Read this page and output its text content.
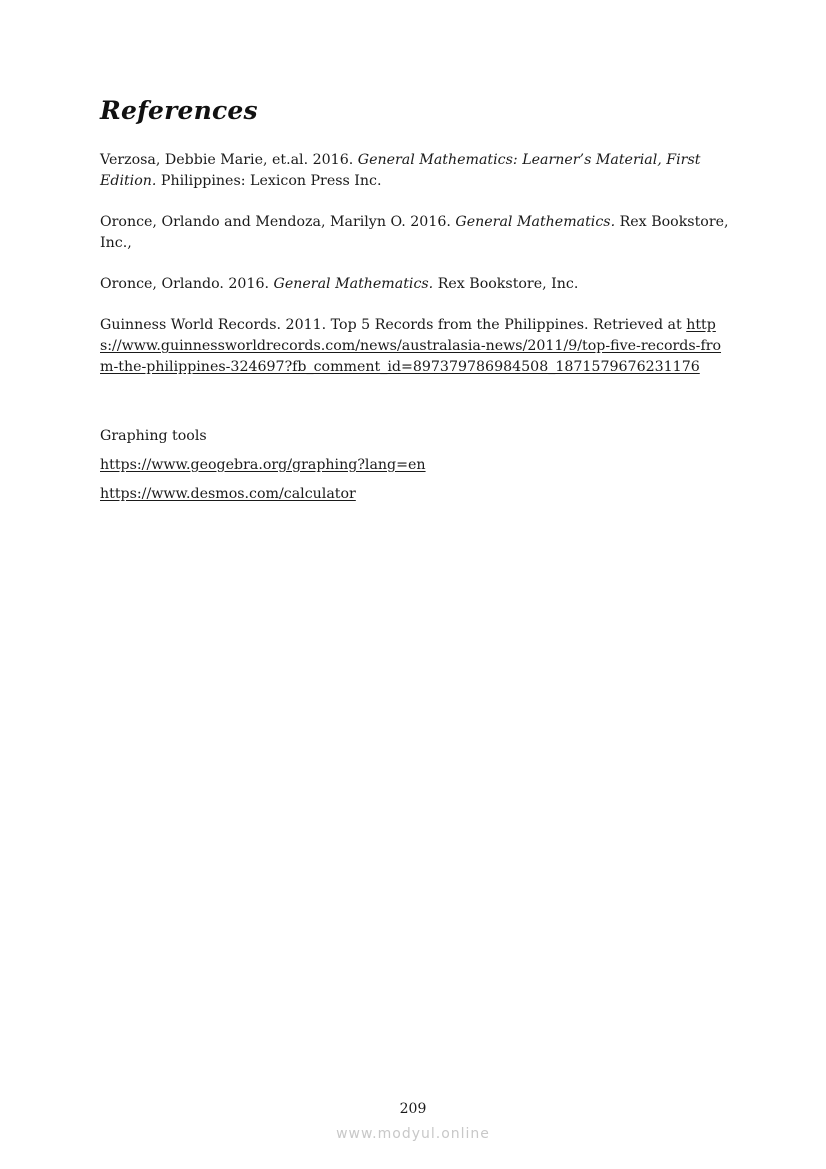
References

Verzosa, Debbie Marie, et.al. 2016. General Mathematics: Learner’s Material, First Edition. Philippines: Lexicon Press Inc.

Oronce, Orlando and Mendoza, Marilyn O. 2016. General Mathematics. Rex Bookstore, Inc.,

Oronce, Orlando. 2016. General Mathematics. Rex Bookstore, Inc.

Guinness World Records. 2011. Top 5 Records from the Philippines. Retrieved at https://www.guinnessworldrecords.com/news/australasia-news/2011/9/top-five-records-from-the-philippines-324697?fb_comment_id=897379786984508_1871579676231176

Graphing tools

https://www.geogebra.org/graphing?lang=en

https://www.desmos.com/calculator

209
www.modyul.online
